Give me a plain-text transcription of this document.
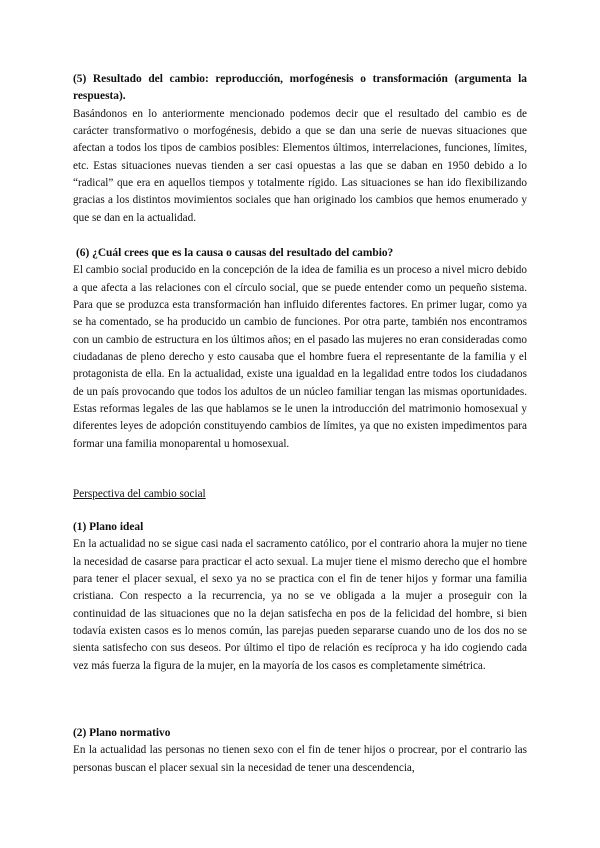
(5) Resultado del cambio: reproducción, morfogénesis o transformación (argumenta la respuesta).

Basándonos en lo anteriormente mencionado podemos decir que el resultado del cambio es de carácter transformativo o morfogénesis, debido a que se dan una serie de nuevas situaciones que afectan a todos los tipos de cambios posibles: Elementos últimos, interrelaciones, funciones, límites, etc. Estas situaciones nuevas tienden a ser casi opuestas a las que se daban en 1950 debido a lo “radical” que era en aquellos tiempos y totalmente rígido. Las situaciones se han ido flexibilizando gracias a los distintos movimientos sociales que han originado los cambios que hemos enumerado y que se dan en la actualidad.

(6) ¿Cuál crees que es la causa o causas del resultado del cambio?

El cambio social producido en la concepción de la idea de familia es un proceso a nivel micro debido a que afecta a las relaciones con el círculo social, que se puede entender como un pequeño sistema. Para que se produzca esta transformación han influido diferentes factores. En primer lugar, como ya se ha comentado, se ha producido un cambio de funciones. Por otra parte, también nos encontramos con un cambio de estructura en los últimos años; en el pasado las mujeres no eran consideradas como ciudadanas de pleno derecho y esto causaba que el hombre fuera el representante de la familia y el protagonista de ella. En la actualidad, existe una igualdad en la legalidad entre todos los ciudadanos de un país provocando que todos los adultos de un núcleo familiar tengan las mismas oportunidades. Estas reformas legales de las que hablamos se le unen la introducción del matrimonio homosexual y diferentes leyes de adopción constituyendo cambios de límites, ya que no existen impedimentos para formar una familia monoparental u homosexual.

Perspectiva del cambio social

(1) Plano ideal

En la actualidad no se sigue casi nada el sacramento católico, por el contrario ahora la mujer no tiene la necesidad de casarse para practicar el acto sexual. La mujer tiene el mismo derecho que el hombre para tener el placer sexual, el sexo ya no se practica con el fin de tener hijos y formar una familia cristiana. Con respecto a la recurrencia, ya no se ve obligada a la mujer a proseguir con la continuidad de las situaciones que no la dejan satisfecha en pos de la felicidad del hombre, si bien todavía existen casos es lo menos común, las parejas pueden separarse cuando uno de los dos no se sienta satisfecho con sus deseos. Por último el tipo de relación es recíproca y ha ido cogiendo cada vez más fuerza la figura de la mujer, en la mayoría de los casos es completamente simétrica.

(2) Plano normativo

En la actualidad las personas no tienen sexo con el fin de tener hijos o procrear, por el contrario las personas buscan el placer sexual sin la necesidad de tener una descendencia,
